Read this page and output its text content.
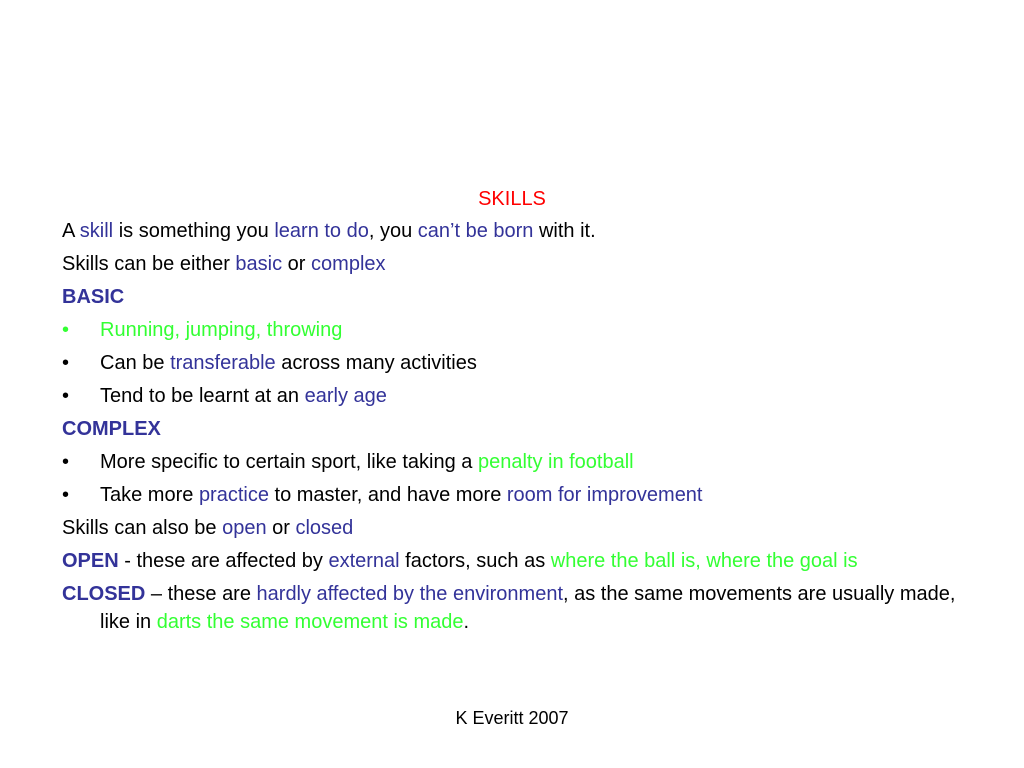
SKILLS
A skill is something you learn to do, you can’t be born with it.
Skills can be either basic or complex
BASIC
• Running, jumping, throwing
• Can be transferable across many activities
• Tend to be learnt at an early age
COMPLEX
• More specific to certain sport, like taking a penalty in football
• Take more practice to master, and have more room for improvement
Skills can also be open or closed
OPEN - these are affected by external factors, such as where the ball is, where the goal is
CLOSED – these are hardly affected by the environment, as the same movements are usually made, like in darts the same movement is made.
K Everitt 2007
